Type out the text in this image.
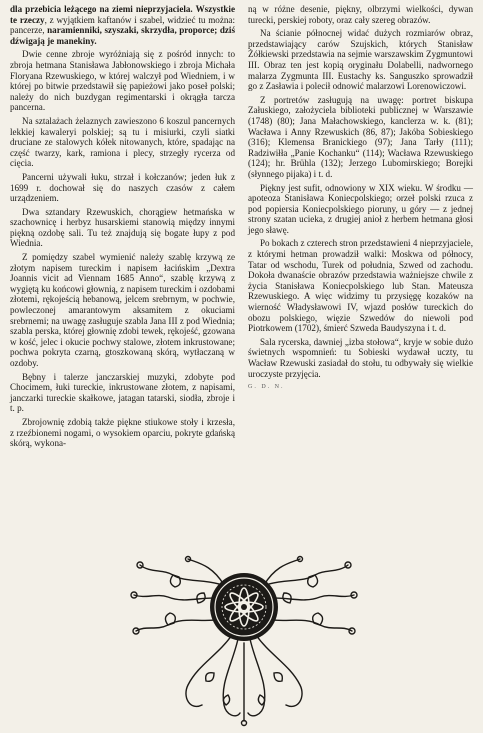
dla przebicia leżącego na ziemi nieprzyjaciela. Wszystkie te rzeczy, z wyjątkiem kaftanów i szabel, widzieć tu można: pancerze, naramienniki, szyszaki, skrzydła, proporce; dziś dźwigają je manekiny.

Dwie cenne zbroje wyróżniają się z pośród innych: to zbroja hetmana Stanisława Jabłonowskiego i zbroja Michała Floryana Rzewuskiego, w której walczył pod Wiedniem, i w której po bitwie przedstawił się papieżowi jako poseł polski; należy do nich buzdygan regimentarski i okrągła tarcza pancerna.

Na sztalażach żelaznych zawieszono 6 koszul pancernych lekkiej kawaleryi polskiej; są tu i misiurki, czyli siatki druciane ze stalowych kółek nitowanych, które, spadając na część twarzy, kark, ramiona i plecy, strzegły rycerza od cięcia.

Pancerni używali łuku, strzał i kołczanów; jeden łuk z 1699 r. dochował się do naszych czasów z całem urządzeniem.

Dwa sztandary Rzewuskich, chorągiew hetmańska w szachownicę i herbyz husarskiemi stanowią między innymi piękną ozdobę sali. Tu też znajdują się bogate łupy z pod Wiednia.

Z pomiędzy szabel wymienić należy szablę krzywą ze złotym napisem tureckim i napisem łacińskim „Dextra Joannis vicit ad Viennam 1685 Anno“, szablę krzywą z wygiętą ku końcowi głownią, z napisem tureckim i ozdobami złotemi, rękojeścią hebanową, jelcem srebrnym, w pochwie, powleczonej amarantowym aksamitem z okuciami srebrnemi; na uwagę zasługuje szabla Jana III z pod Wiednia; szabla perska, której głownię zdobi tewek, rękojeść, gzowana w kość, jelec i okucie pochwy stalowe, złotem inkrustowane; pochwa pokryta czarną, gtoszkowaną skórą, wytłaczaną w ozdoby.

Bębny i talerze janczarskiej muzyki, zdobyte pod Chocimem, łuki tureckie, inkrustowane złotem, z napisami, janczarki tureckie skałkowe, jatagan tatarski, siodła, zbroje i t. p.

Zbrojownię zdobią także piękne stiukowe stoły i krzesła, z rzeźbionemi nogami, o wysokiem oparciu, pokryte gdańską skórą, wykona-

ną w różne desenie, piękny, olbrzymi wielkości, dywan turecki, perskiej roboty, oraz cały szereg obrazów.

Na ścianie północnej widać dużych rozmiarów obraz, przedstawiający carów Szujskich, których Stanisław Żółkiewski przedstawia na sejmie warszawskim Zygmuntowi III. Obraz ten jest kopią oryginału Dolabelli, nadwornego malarza Zygmunta III. Eustachy ks. Sanguszko sprowadził go z Zasławia i polecił odnowić malarzowi Lorenowiczowi.

Z portretów zasługują na uwagę: portret biskupa Załuskiego, założyciela biblioteki publicznej w Warszawie (1748) (80); Jana Małachowskiego, kanclerza w. k. (81); Wacława i Anny Rzewuskich (86, 87); Jakóba Sobieskiego (316); Klemensa Branickiego (97); Jana Tarły (111); Radziwiłła „Panie Kochanku“ (114); Wacława Rzewuskiego (124); hr. Brühla (132); Jerzego Lubomirskiego; Borejki (słynnego pijaka) i t. d.

Piękny jest sufit, odnowiony w XIX wieku. W środku — apoteoza Stanisława Koniecpolskiego; orzeł polski rzuca z pod popiersia Koniecpolskiego pioruny, u góry — z jednej strony szatan ucieka, z drugiej anioł z herbem hetmana głosi jego sławę.

Po bokach z czterech stron przedstawieni 4 nieprzyjaciele, z którymi hetman prowadził walki: Moskwa od północy, Tatar od wschodu, Turek od południa, Szwed od zachodu. Dokoła dwanaście obrazów przedstawia ważniejsze chwile z życia Stanisława Koniecpolskiego lub Stan. Mateusza Rzewuskiego. A więc widzimy tu przysięgę kozaków na wierność Władysławowi IV, wjazd posłów tureckich do obozu polskiego, więzie Szwedów do niewoli pod Piotrkowem (1702), śmierć Szweda Baudyszyna i t. d.

Sala rycerska, dawniej „izba stołowa“, kryje w sobie dużo świetnych wspomnień: tu Sobieski wydawał uczty, tu Wacław Rzewuski zasiadał do stołu, tu odbywały się wielkie uroczyste przyjęcia.

G. D. N.
